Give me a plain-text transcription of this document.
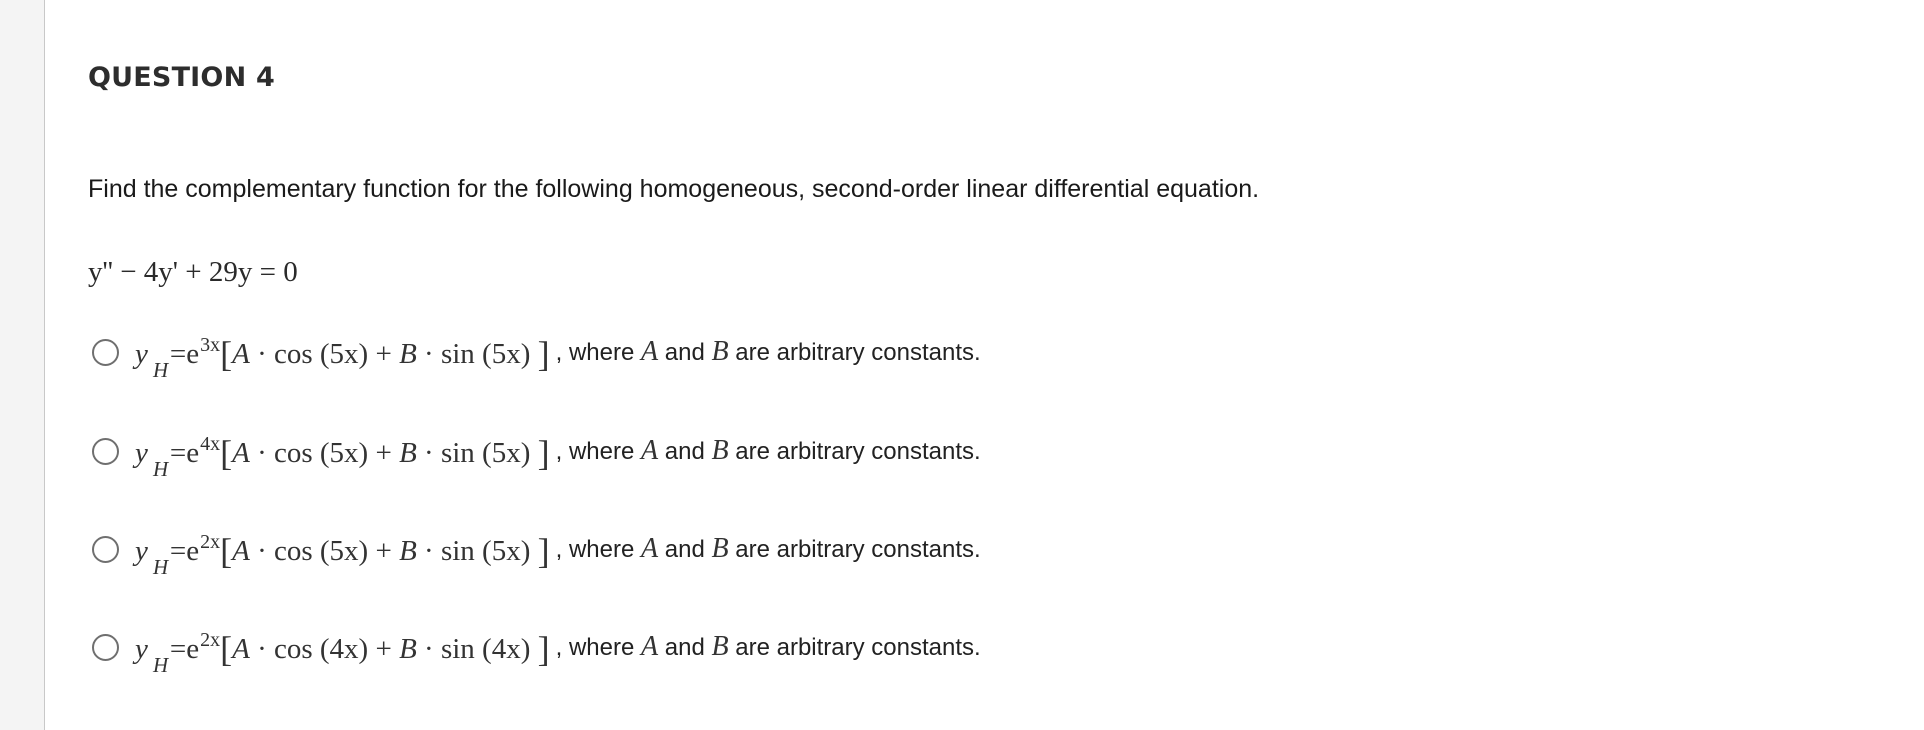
QUESTION 4
Find the complementary function for the following homogeneous, second-order linear differential equation.
y'' − 4y' + 29y = 0
y H =e 3x [ A · cos (5x) + B · sin (5x) ] , where A and B are arbitrary constants.
y H =e 4x [ A · cos (5x) + B · sin (5x) ] , where A and B are arbitrary constants.
y H =e 2x [ A · cos (5x) + B · sin (5x) ] , where A and B are arbitrary constants.
y H =e 2x [ A · cos (4x) + B · sin (4x) ] , where A and B are arbitrary constants.
